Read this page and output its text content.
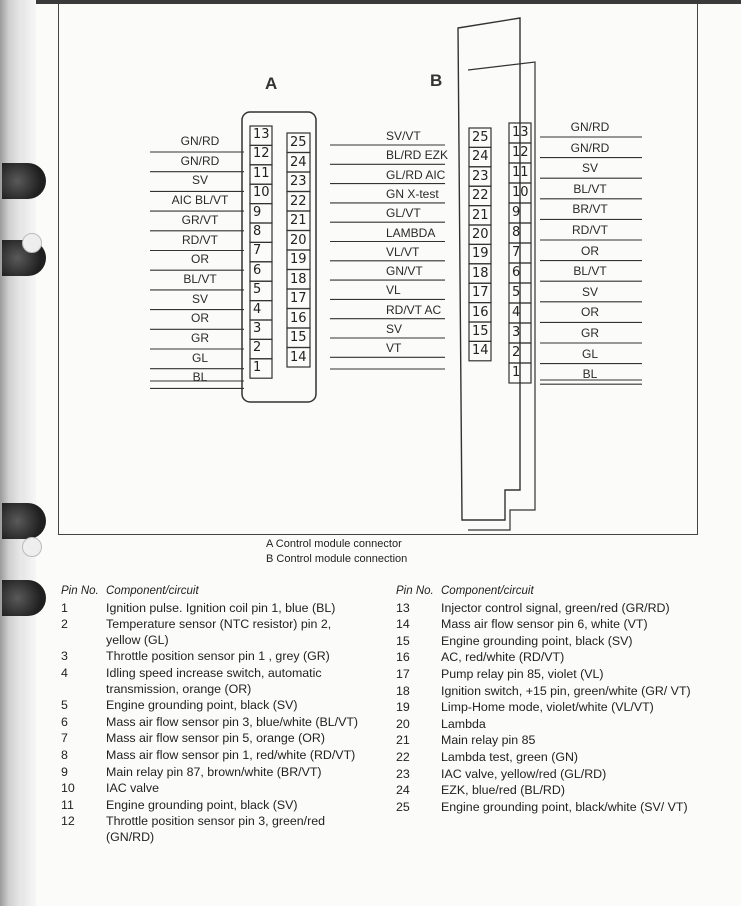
13
12
11
10
9
8
7
6
5
4
3
2
1
25
24
23
22
21
20
19
18
17
16
15
14
GN/RD
GN/RD
SV
AIC BL/VT
GR/VT
RD/VT
OR
BL/VT
SV
OR
GR
GL
BL
25
24
23
22
21
20
19
18
17
16
15
14
13
12
11
10
9
8
7
6
5
4
3
2
1
SV/VT
BL/RD EZK
GL/RD AIC
GN X-test
GL/VT
LAMBDA
VL/VT
GN/VT
VL
RD/VT AC
SV
VT
GN/RD
GN/RD
SV
BL/VT
BR/VT
RD/VT
OR
BL/VT
SV
OR
GR
GL
BL
A	B
A Control module connector
B Control module connection
Pin No. Component/circuit
1	Ignition pulse. Ignition coil pin 1, blue (BL)
2	Temperature sensor (NTC resistor) pin 2, yellow (GL)
3	Throttle position sensor pin 1 , grey (GR)
4	Idling speed increase switch, automatic transmission, orange (OR)
5	Engine grounding point, black (SV)
6	Mass air flow sensor pin 3, blue/white (BL/VT)
7	Mass air flow sensor pin 5, orange (OR)
8	Mass air flow sensor pin 1, red/white (RD/VT)
9	Main relay pin 87, brown/white (BR/VT)
10	IAC valve
11	Engine grounding point, black (SV)
12	Throttle position sensor pin 3, green/red (GN/RD)
Pin No. Component/circuit
13	Injector control signal, green/red (GR/RD)
14	Mass air flow sensor pin 6, white (VT)
15	Engine grounding point, black (SV)
16	AC, red/white (RD/VT)
17	Pump relay pin 85, violet (VL)
18	Ignition switch, +15 pin, green/white (GR/ VT)
19	Limp-Home mode, violet/white (VL/VT)
20	Lambda
21	Main relay pin 85
22	Lambda test, green (GN)
23	IAC valve, yellow/red (GL/RD)
24	EZK, blue/red (BL/RD)
25	Engine grounding point, black/white (SV/ VT)
